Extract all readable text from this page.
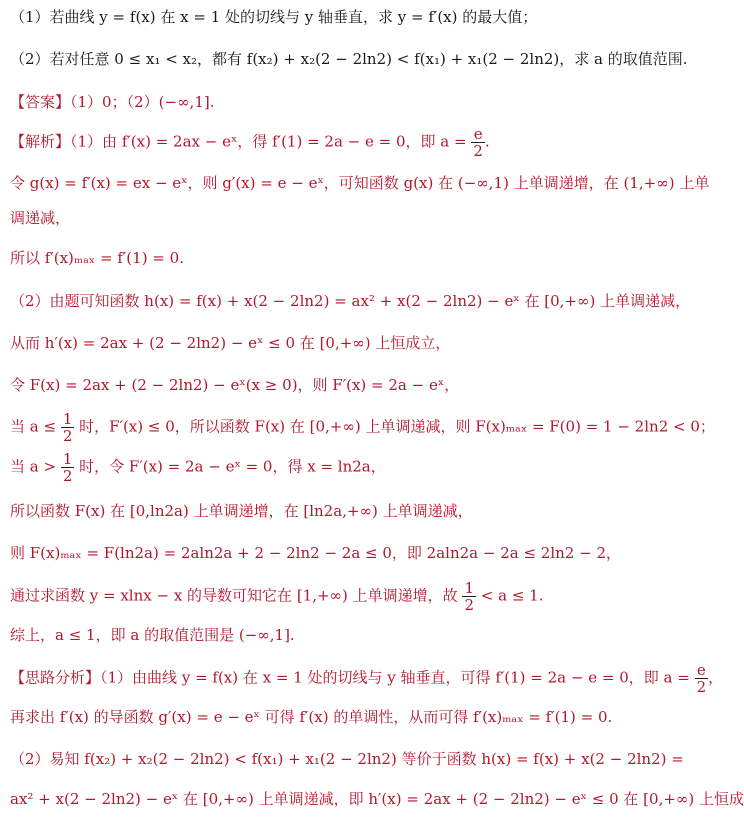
（1）若曲线 y = f(x) 在 x = 1 处的切线与 y 轴垂直，求 y = f′(x) 的最大值；
（2）若对任意 0 ≤ x₁ < x₂，都有 f(x₂) + x₂(2 − 2ln2) < f(x₁) + x₁(2 − 2ln2)，求 a 的取值范围.
【答案】（1）0；（2）(−∞,1].
【解析】（1）由 f′(x) = 2ax − eˣ，得 f′(1) = 2a − e = 0，即 $a = \frac{e}{2}$ .
令 g(x) = f′(x) = ex − eˣ，则 g′(x) = e − eˣ，可知函数 g(x) 在 (−∞,1) 上单调递增，在 (1,+∞) 上单
调递减，
所以 f′(x)ₘₐₓ = f′(1) = 0.
（2）由题可知函数 h(x) = f(x) + x(2 − 2ln2) = ax² + x(2 − 2ln2) − eˣ 在 [0,+∞) 上单调递减，
从而 h′(x) = 2ax + (2 − 2ln2) − eˣ ≤ 0 在 [0,+∞) 上恒成立，
令 F(x) = 2ax + (2 − 2ln2) − eˣ(x ≥ 0)，则 F′(x) = 2a − eˣ，
当 $a \le \frac{1}{2}$ 时，F′(x) ≤ 0，所以函数 F(x) 在 [0,+∞) 上单调递减，则 F(x)ₘₐₓ = F(0) = 1 − 2ln2 < 0；
当 $a > \frac{1}{2}$ 时，令 F′(x) = 2a − eˣ = 0，得 x = ln2a，
所以函数 F(x) 在 [0,ln2a) 上单调递增，在 [ln2a,+∞) 上单调递减，
则 F(x)ₘₐₓ = F(ln2a) = 2aln2a + 2 − 2ln2 − 2a ≤ 0，即 2aln2a − 2a ≤ 2ln2 − 2，
通过求函数 y = xlnx − x 的导数可知它在 [1,+∞) 上单调递增，故 $\frac{1}{2} < a \le 1$.
综上，a ≤ 1，即 a 的取值范围是 (−∞,1].
【思路分析】（1）由曲线 y = f(x) 在 x = 1 处的切线与 y 轴垂直，可得 f′(1) = 2a − e = 0，即 $a = \frac{e}{2}$ ，
再求出 f′(x) 的导函数 g′(x) = e − eˣ 可得 f′(x) 的单调性，从而可得 f′(x)ₘₐₓ = f′(1) = 0.
（2）易知 f(x₂) + x₂(2 − 2ln2) < f(x₁) + x₁(2 − 2ln2) 等价于函数 h(x) = f(x) + x(2 − 2ln2) =
ax² + x(2 − 2ln2) − eˣ 在 [0,+∞) 上单调递减，即 h′(x) = 2ax + (2 − 2ln2) − eˣ ≤ 0 在 [0,+∞) 上恒成
